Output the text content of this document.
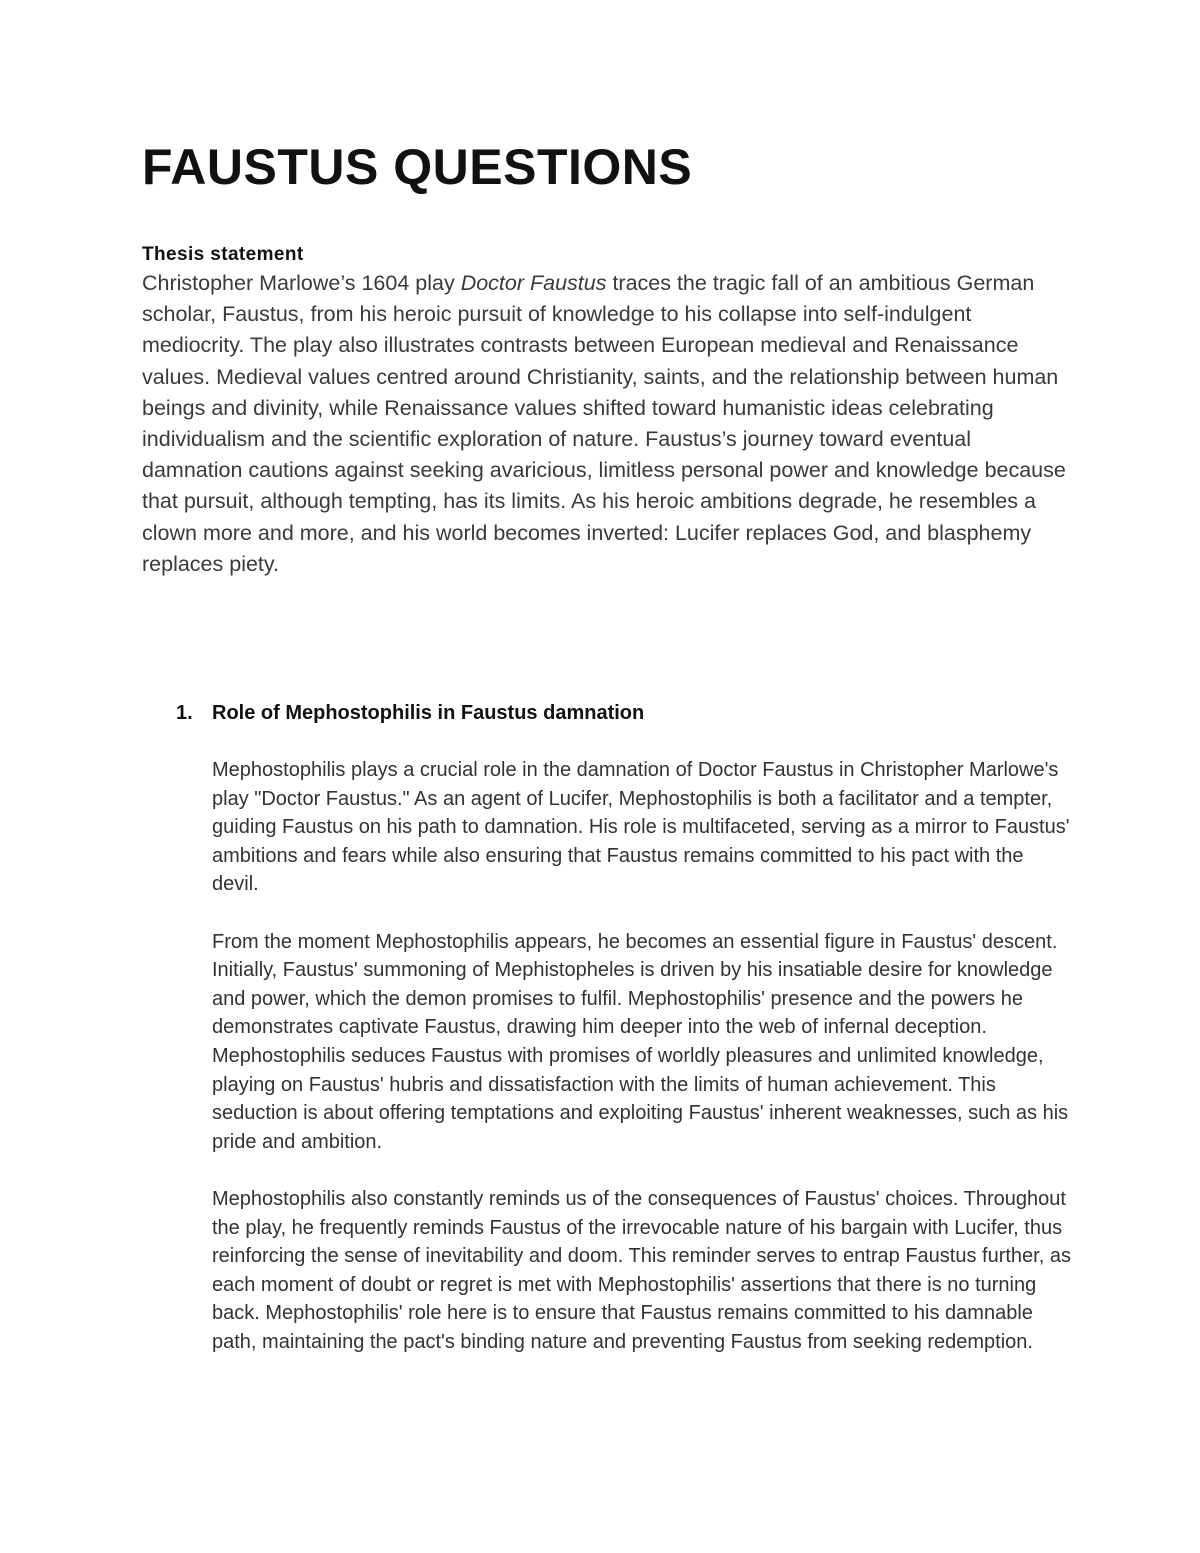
FAUSTUS QUESTIONS
Thesis statement

Christopher Marlowe’s 1604 play Doctor Faustus traces the tragic fall of an ambitious German scholar, Faustus, from his heroic pursuit of knowledge to his collapse into self-indulgent mediocrity. The play also illustrates contrasts between European medieval and Renaissance values. Medieval values centred around Christianity, saints, and the relationship between human beings and divinity, while Renaissance values shifted toward humanistic ideas celebrating individualism and the scientific exploration of nature. Faustus’s journey toward eventual damnation cautions against seeking avaricious, limitless personal power and knowledge because that pursuit, although tempting, has its limits. As his heroic ambitions degrade, he resembles a clown more and more, and his world becomes inverted: Lucifer replaces God, and blasphemy replaces piety.

1. Role of Mephostophilis in Faustus damnation

Mephostophilis plays a crucial role in the damnation of Doctor Faustus in Christopher Marlowe's play "Doctor Faustus." As an agent of Lucifer, Mephostophilis is both a facilitator and a tempter, guiding Faustus on his path to damnation. His role is multifaceted, serving as a mirror to Faustus' ambitions and fears while also ensuring that Faustus remains committed to his pact with the devil.

From the moment Mephostophilis appears, he becomes an essential figure in Faustus' descent. Initially, Faustus' summoning of Mephistopheles is driven by his insatiable desire for knowledge and power, which the demon promises to fulfil. Mephostophilis' presence and the powers he demonstrates captivate Faustus, drawing him deeper into the web of infernal deception. Mephostophilis seduces Faustus with promises of worldly pleasures and unlimited knowledge, playing on Faustus' hubris and dissatisfaction with the limits of human achievement. This seduction is about offering temptations and exploiting Faustus' inherent weaknesses, such as his pride and ambition.

Mephostophilis also constantly reminds us of the consequences of Faustus' choices. Throughout the play, he frequently reminds Faustus of the irrevocable nature of his bargain with Lucifer, thus reinforcing the sense of inevitability and doom. This reminder serves to entrap Faustus further, as each moment of doubt or regret is met with Mephostophilis' assertions that there is no turning back. Mephostophilis' role here is to ensure that Faustus remains committed to his damnable path, maintaining the pact's binding nature and preventing Faustus from seeking redemption.
